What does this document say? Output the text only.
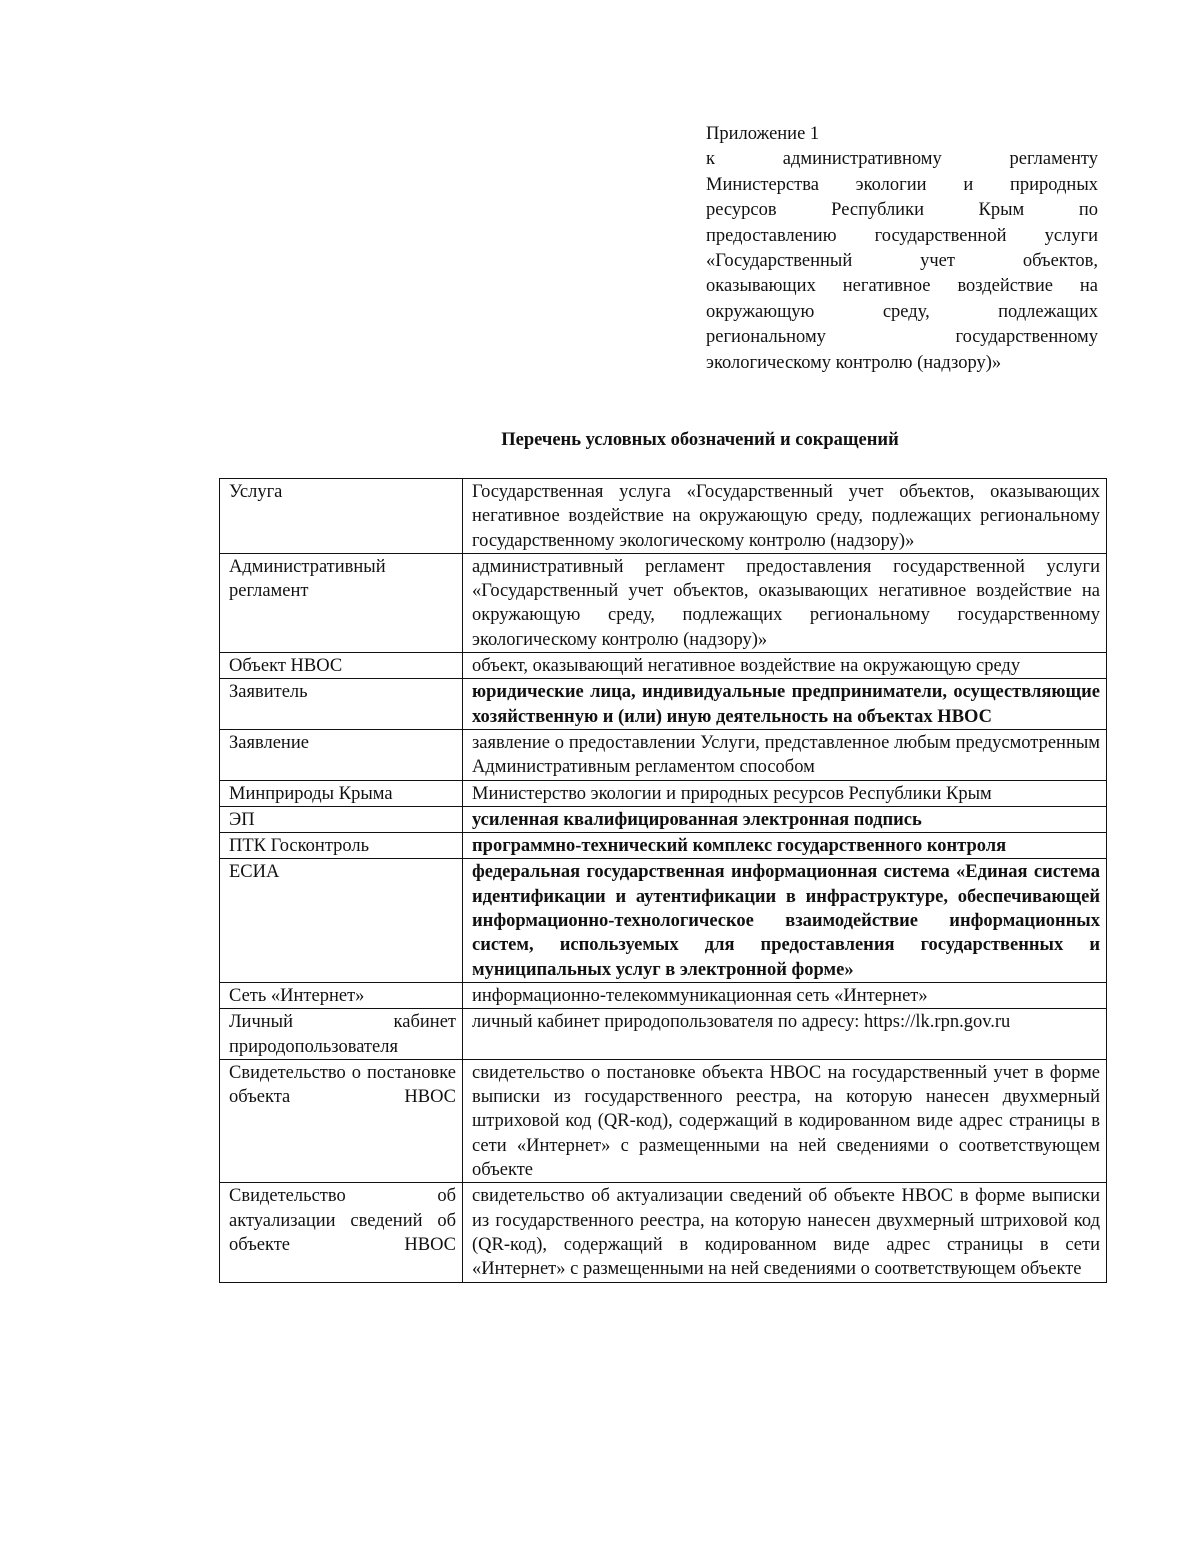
Приложение 1
к административному регламенту
Министерства экологии и природных
ресурсов Республики Крым по
предоставлению государственной услуги
«Государственный учет объектов,
оказывающих негативное воздействие на
окружающую среду, подлежащих
региональному государственному
экологическому контролю (надзору)»
Перечень условных обозначений и сокращений
Услуга	Государственная услуга «Государственный учет объектов, оказывающих негативное воздействие на окружающую среду, подлежащих региональному государственному экологическому контролю (надзору)»
Административный регламент	административный регламент предоставления государственной услуги «Государственный учет объектов, оказывающих негативное воздействие на окружающую среду, подлежащих региональному государственному экологическому контролю (надзору)»
Объект НВОС	объект, оказывающий негативное воздействие на окружающую среду
Заявитель	юридические лица, индивидуальные предприниматели, осуществляющие хозяйственную и (или) иную деятельность на объектах НВОС
Заявление	заявление о предоставлении Услуги, представленное любым предусмотренным Административным регламентом способом
Минприроды Крыма	Министерство экологии и природных ресурсов Республики Крым
ЭП	усиленная квалифицированная электронная подпись
ПТК Госконтроль	программно-технический комплекс государственного контроля
ЕСИА	федеральная государственная информационная система «Единая система идентификации и аутентификации в инфраструктуре, обеспечивающей информационно-технологическое взаимодействие информационных систем, используемых для предоставления государственных и муниципальных услуг в электронной форме»
Сеть «Интернет»	информационно-телекоммуникационная сеть «Интернет»
Личный кабинет природопользователя	личный кабинет природопользователя по адресу: https://lk.rpn.gov.ru
Свидетельство о постановке объекта НВОС	свидетельство о постановке объекта НВОС на государственный учет в форме выписки из государственного реестра, на которую нанесен двухмерный штриховой код (QR-код), содержащий в кодированном виде адрес страницы в сети «Интернет» с размещенными на ней сведениями о соответствующем объекте
Свидетельство об актуализации сведений об объекте НВОС	свидетельство об актуализации сведений об объекте НВОС в форме выписки из государственного реестра, на которую нанесен двухмерный штриховой код (QR-код), содержащий в кодированном виде адрес страницы в сети «Интернет» с размещенными на ней сведениями о соответствующем объекте
